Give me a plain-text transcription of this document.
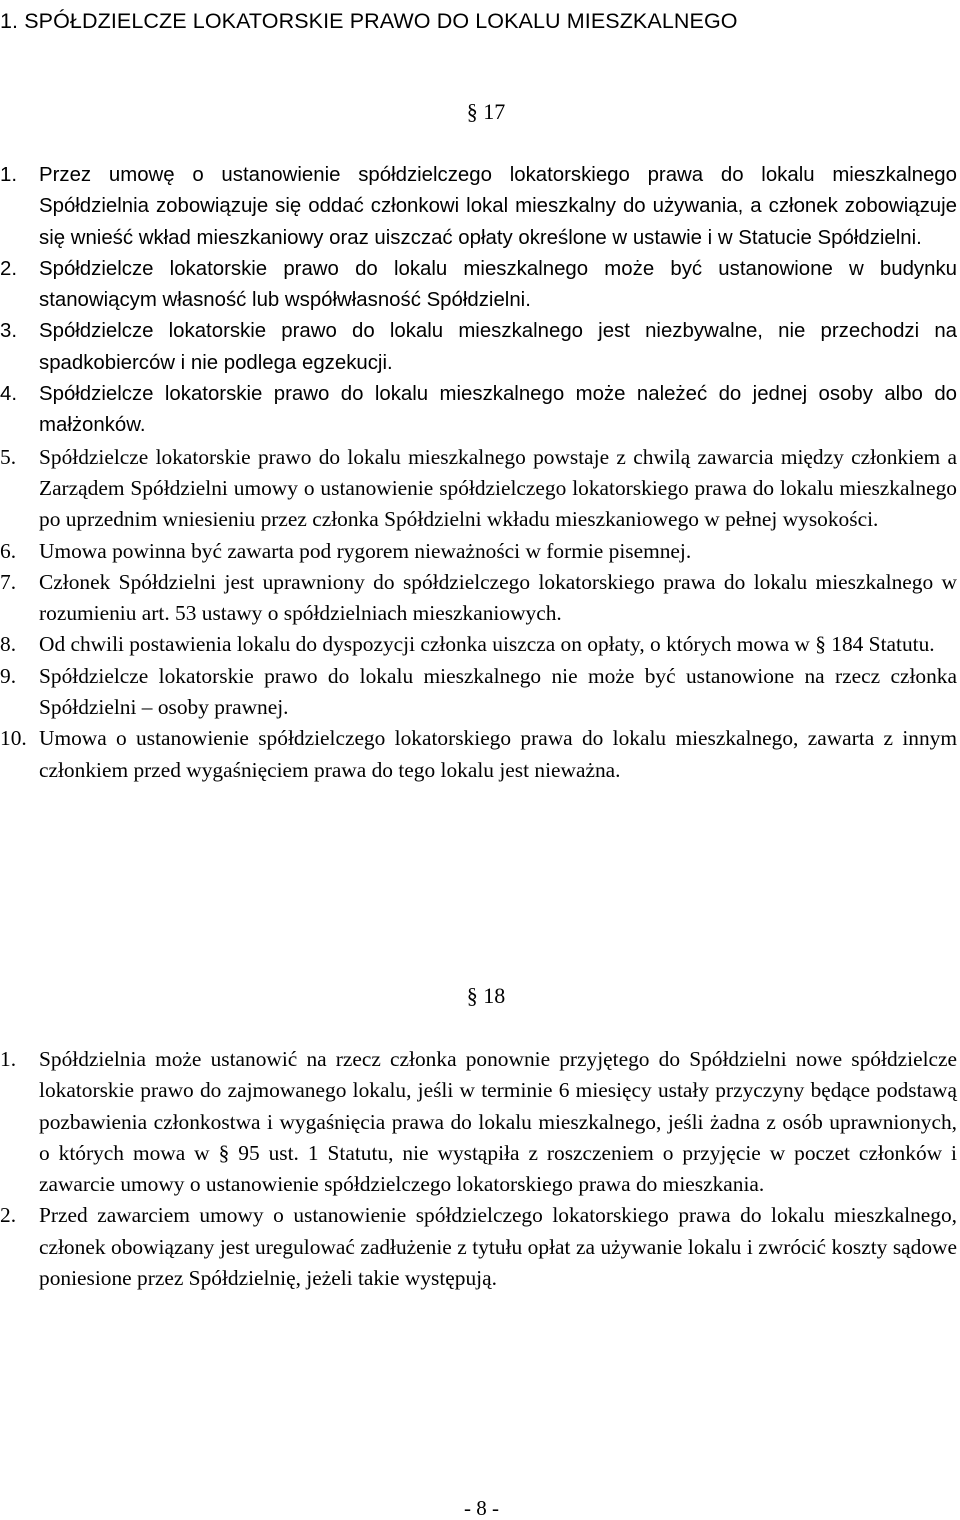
1. SPÓŁDZIELCZE LOKATORSKIE PRAWO DO LOKALU MIESZKALNEGO
§ 17
1. Przez umowę o ustanowienie spółdzielczego lokatorskiego prawa do lokalu mieszkalnego Spółdzielnia zobowiązuje się oddać członkowi lokal mieszkalny do używania, a członek zobowiązuje się wnieść wkład mieszkaniowy oraz uiszczać opłaty określone w ustawie i w Statucie Spółdzielni.
2. Spółdzielcze lokatorskie prawo do lokalu mieszkalnego może być ustanowione w budynku stanowiącym własność lub współwłasność Spółdzielni.
3. Spółdzielcze lokatorskie prawo do lokalu mieszkalnego jest niezbywalne, nie przechodzi na spadkobierców i nie podlega egzekucji.
4. Spółdzielcze lokatorskie prawo do lokalu mieszkalnego może należeć do jednej osoby albo do małżonków.
5. Spółdzielcze lokatorskie prawo do lokalu mieszkalnego powstaje z chwilą zawarcia między członkiem a Zarządem Spółdzielni umowy o ustanowienie spółdzielczego lokatorskiego prawa do lokalu mieszkalnego po uprzednim wniesieniu przez członka Spółdzielni wkładu mieszkaniowego w pełnej wysokości.
6. Umowa powinna być zawarta pod rygorem nieważności w formie pisemnej.
7. Członek Spółdzielni jest uprawniony do spółdzielczego lokatorskiego prawa do lokalu mieszkalnego w rozumieniu art. 53 ustawy o spółdzielniach mieszkaniowych.
8. Od chwili postawienia lokalu do dyspozycji członka uiszcza on opłaty, o których mowa w § 184 Statutu.
9. Spółdzielcze lokatorskie prawo do lokalu mieszkalnego nie może być ustanowione na rzecz członka Spółdzielni – osoby prawnej.
10. Umowa o ustanowienie spółdzielczego lokatorskiego prawa do lokalu mieszkalnego, zawarta z innym członkiem przed wygaśnięciem prawa do tego lokalu jest nieważna.
§ 18
1. Spółdzielnia może ustanowić na rzecz członka ponownie przyjętego do Spółdzielni nowe spółdzielcze lokatorskie prawo do zajmowanego lokalu, jeśli w terminie 6 miesięcy ustały przyczyny będące podstawą pozbawienia członkostwa i wygaśnięcia prawa do lokalu mieszkalnego, jeśli żadna z osób uprawnionych, o których mowa w § 95 ust. 1 Statutu, nie wystąpiła z roszczeniem o przyjęcie w poczet członków i zawarcie umowy o ustanowienie spółdzielczego lokatorskiego prawa do mieszkania.
2. Przed zawarciem umowy o ustanowienie spółdzielczego lokatorskiego prawa do lokalu mieszkalnego, członek obowiązany jest uregulować zadłużenie z tytułu opłat za używanie lokalu i zwrócić koszty sądowe poniesione przez Spółdzielnię, jeżeli takie występują.
- 8 -
